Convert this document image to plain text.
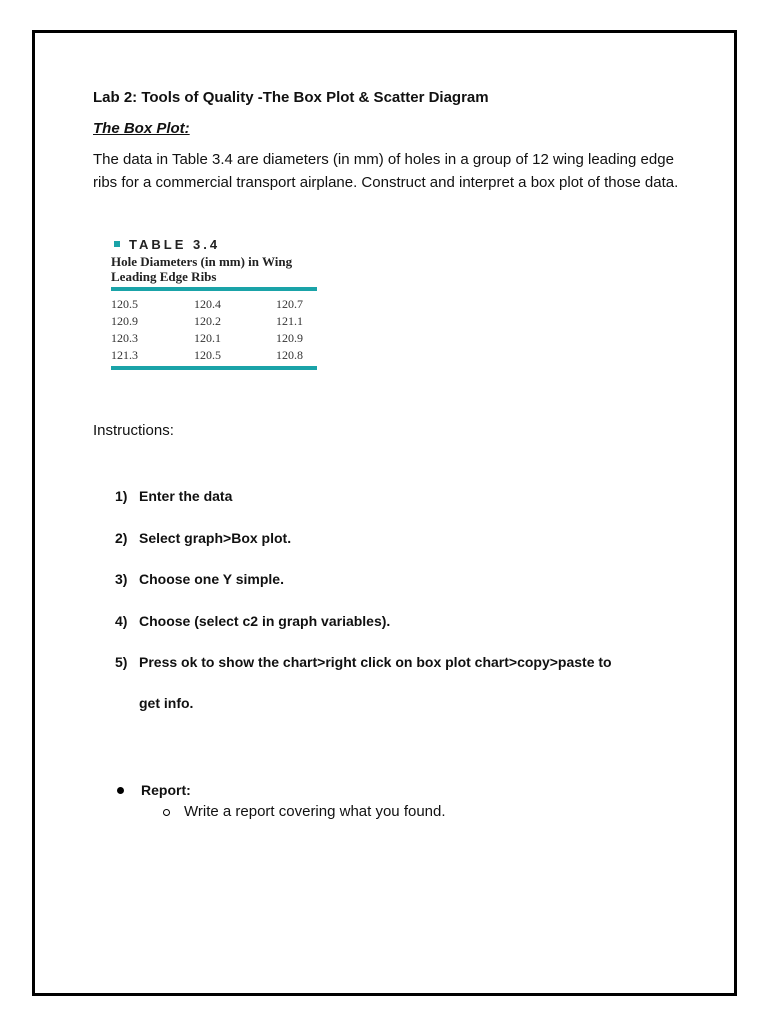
Lab 2: Tools of Quality -The Box Plot & Scatter Diagram

The Box Plot:

The data in Table 3.4 are diameters (in mm) of holes in a group of 12 wing leading edge ribs for a commercial transport airplane. Construct and interpret a box plot of those data.

TABLE 3.4
Hole Diameters (in mm) in Wing
Leading Edge Ribs
120.5	120.4	120.7
120.9	120.2	121.1
120.3	120.1	120.9
121.3	120.5	120.8

Instructions:

1) Enter the data
2) Select graph>Box plot.
3) Choose one Y simple.
4) Choose (select c2 in graph variables).
5) Press ok to show the chart>right click on box plot chart>copy>paste to
get info.
Report:
Write a report covering what you found.
